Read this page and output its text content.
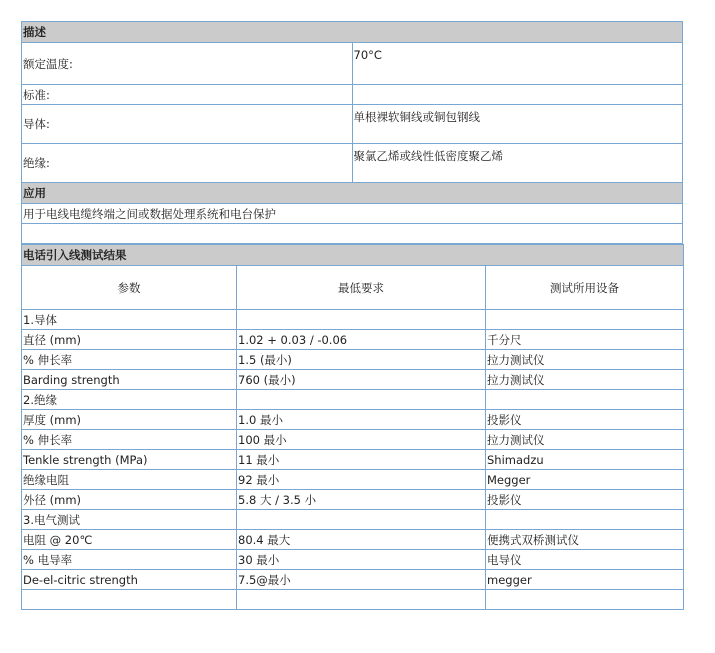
描述	
额定温度:	70°C
标准:	
导体:	单根裸软铜线或铜包钢线
绝缘:	聚氯乙烯或线性低密度聚乙烯
应用	
用于电线电缆终端之间或数据处理系统和电台保护	

电话引入线测试结果		
参数	最低要求	测试所用设备
1.导体		
直径 (mm)	1.02 + 0.03 / -0.06	千分尺
% 伸长率	1.5 (最小)	拉力测试仪
Barding strength	760 (最小)	拉力测试仪
2.绝缘		
厚度 (mm)	1.0 最小	投影仪
% 伸长率	100 最小	拉力测试仪
Tenkle strength (MPa)	11 最小	Shimadzu
绝缘电阻	92 最小	Megger
外径 (mm)	5.8 大 / 3.5 小	投影仪
3.电气测试		
电阻 @ 20℃	80.4 最大	便携式双桥测试仪
% 电导率	30 最小	电导仪
De-el-citric strength	7.5@最小	megger
